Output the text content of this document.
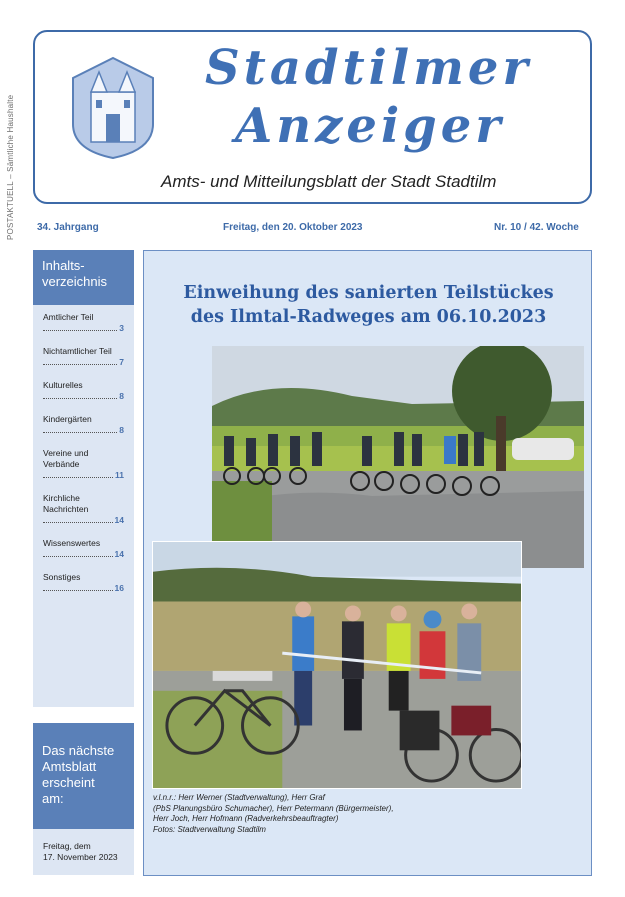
POSTAKTUELL – Sämtliche Haushalte
Stadtilmer
Anzeiger
Amts- und Mitteilungsblatt der Stadt Stadtilm
34. Jahrgang	Freitag, den 20. Oktober 2023	Nr. 10 / 42. Woche
Inhalts-
verzeichnis
Amtlicher Teil
3
Nichtamtlicher Teil
7
Kulturelles
8
Kindergärten
8
Vereine und
Verbände
11
Kirchliche
Nachrichten
14
Wissenswertes
14
Sonstiges
16
Das nächste
Amtsblatt
erscheint
am:
Freitag, dem
17. November 2023
Einweihung des sanierten Teilstückes
des Ilmtal-Radweges am 06.10.2023
v.l.n.r.: Herr Werner (Stadtverwaltung), Herr Graf
(PbS Planungsbüro Schumacher), Herr Petermann (Bürgermeister),
Herr Joch, Herr Hofmann (Radverkehrsbeauftragter)
Fotos: Stadtverwaltung Stadtilm
